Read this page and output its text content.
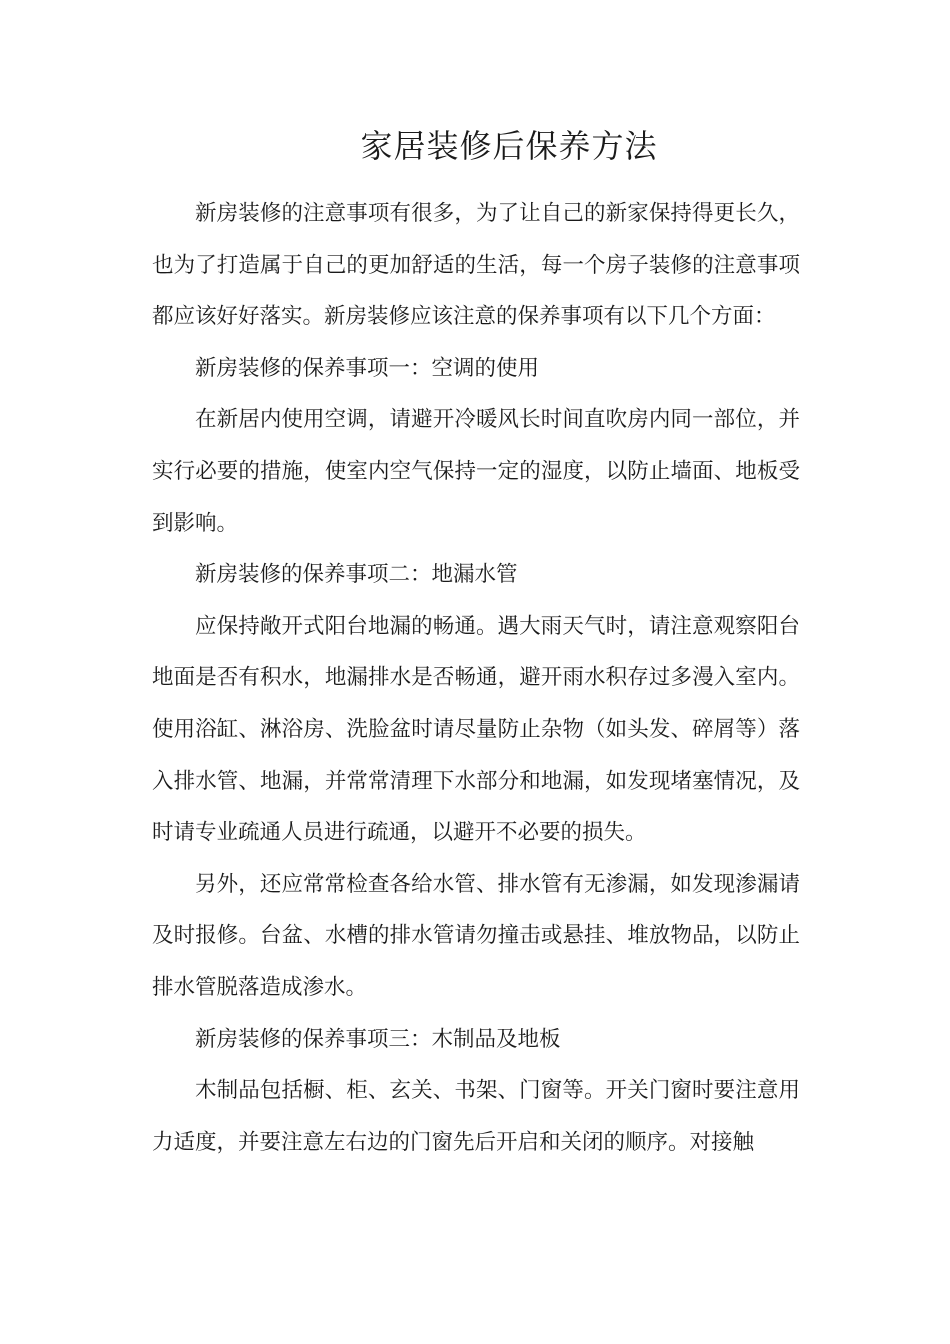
家居装修后保养方法

新房装修的注意事项有很多，为了让自己的新家保持得更长久，也为了打造属于自己的更加舒适的生活，每一个房子装修的注意事项都应该好好落实。新房装修应该注意的保养事项有以下几个方面：

新房装修的保养事项一：空调的使用

在新居内使用空调，请避开冷暖风长时间直吹房内同一部位，并实行必要的措施，使室内空气保持一定的湿度，以防止墙面、地板受到影响。

新房装修的保养事项二：地漏水管

应保持敞开式阳台地漏的畅通。遇大雨天气时，请注意观察阳台地面是否有积水，地漏排水是否畅通，避开雨水积存过多漫入室内。使用浴缸、淋浴房、洗脸盆时请尽量防止杂物（如头发、碎屑等）落入排水管、地漏，并常常清理下水部分和地漏，如发现堵塞情况，及时请专业疏通人员进行疏通，以避开不必要的损失。

另外，还应常常检查各给水管、排水管有无渗漏，如发现渗漏请及时报修。台盆、水槽的排水管请勿撞击或悬挂、堆放物品，以防止排水管脱落造成渗水。

新房装修的保养事项三：木制品及地板

木制品包括橱、柜、玄关、书架、门窗等。开关门窗时要注意用力适度，并要注意左右边的门窗先后开启和关闭的顺序。对接触
